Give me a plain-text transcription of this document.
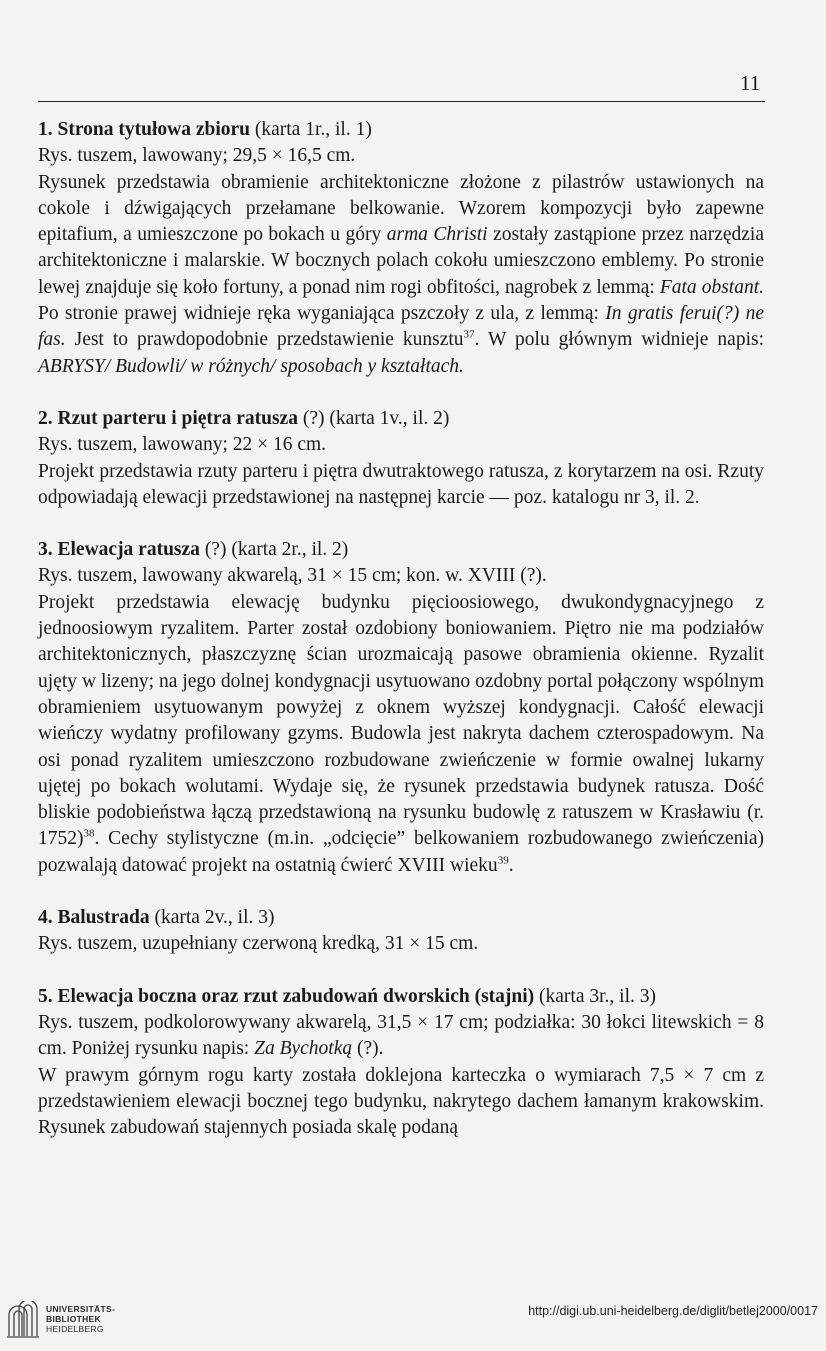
11

1. Strona tytułowa zbioru (karta 1r., il. 1)

Rys. tuszem, lawowany; 29,5 × 16,5 cm.

Rysunek przedstawia obramienie architektoniczne złożone z pilastrów ustawionych na cokole i dźwigających przełamane belkowanie. Wzorem kompozycji było zapewne epitafium, a umieszczone po bokach u góry arma Christi zostały zastąpione przez narzędzia architektoniczne i malarskie. W bocznych polach cokołu umieszczono emblemy. Po stronie lewej znajduje się koło fortuny, a ponad nim rogi obfitości, nagrobek z lemmą: Fata obstant. Po stronie prawej widnieje ręka wyganiająca pszczoły z ula, z lemmą: In gratis ferui(?) ne fas. Jest to prawdopodobnie przedstawienie kunsztu$^{37}$. W polu głównym widnieje napis: ABRYSY/ Budowli/ w różnych/ sposobach y kształtach.

2. Rzut parteru i piętra ratusza (?) (karta 1v., il. 2)

Rys. tuszem, lawowany; 22 × 16 cm.

Projekt przedstawia rzuty parteru i piętra dwutraktowego ratusza, z korytarzem na osi. Rzuty odpowiadają elewacji przedstawionej na następnej karcie — poz. katalogu nr 3, il. 2.

3. Elewacja ratusza (?) (karta 2r., il. 2)

Rys. tuszem, lawowany akwarelą, 31 × 15 cm; kon. w. XVIII (?).

Projekt przedstawia elewację budynku pięcioosiowego, dwukondygnacyjnego z jednoosiowym ryzalitem. Parter został ozdobiony boniowaniem. Piętro nie ma podziałów architektonicznych, płaszczyznę ścian urozmaicają pasowe obramienia okienne. Ryzalit ujęty w lizeny; na jego dolnej kondygnacji usytuowano ozdobny portal połączony wspólnym obramieniem usytuowanym powyżej z oknem wyższej kondygnacji. Całość elewacji wieńczy wydatny profilowany gzyms. Budowla jest nakryta dachem czterospadowym. Na osi ponad ryzalitem umieszczono rozbudowane zwieńczenie w formie owalnej lukarny ujętej po bokach wolutami. Wydaje się, że rysunek przedstawia budynek ratusza. Dość bliskie podobieństwa łączą przedstawioną na rysunku budowlę z ratuszem w Krasławiu (r. 1752)$^{38}$. Cechy stylistyczne (m.in. „odcięcie” belkowaniem rozbudowanego zwieńczenia) pozwalają datować projekt na ostatnią ćwierć XVIII wieku$^{39}$.

4. Balustrada (karta 2v., il. 3)

Rys. tuszem, uzupełniany czerwoną kredką, 31 × 15 cm.

5. Elewacja boczna oraz rzut zabudowań dworskich (stajni) (karta 3r., il. 3)

Rys. tuszem, podkolorowywany akwarelą, 31,5 × 17 cm; podziałka: 30 łokci litewskich = 8 cm. Poniżej rysunku napis: Za Bychotką (?).

W prawym górnym rogu karty została doklejona karteczka o wymiarach 7,5 × 7 cm z przedstawieniem elewacji bocznej tego budynku, nakrytego dachem łamanym krakowskim. Rysunek zabudowań stajennych posiada skalę podaną

UNIVERSITÄTS-
BIBLIOTHEK
HEIDELBERG
http://digi.ub.uni-heidelberg.de/diglit/betlej2000/0017
